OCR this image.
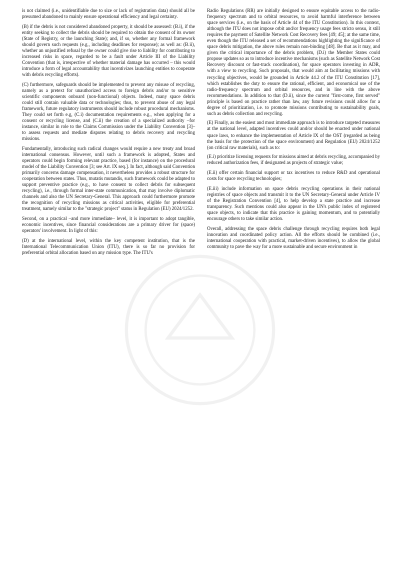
is not claimed (i.e., unidentifiable due to size or lack of registration data) should all be presumed abandoned to mainly ensure operational efficiency and legal certainty.

(B) if the debris is not considered abandoned property, it should be assessed: (B.i), if the entity seeking to collect the debris should be required to obtain the consent of its owner (State of Registry, or the launching State); and, if so, whether any formal framework should govern such requests (e.g., including deadlines for response); as well as: (B.ii), whether an unjustified refusal by the owner could give rise to liability for contributing to increased risks in space, regarded to be a fault under Article III of the Liability Convention (that is, irrespective of whether material damage has occurred – this would introduce a form of legal accountability that incentivizes launching entities to cooperate with debris recycling efforts).

(C) furthermore, safeguards should be implemented to prevent any misuse of recycling, namely as a pretext for unauthorized access to foreign debris and/or to sensitive scientific components onboard (non-functional) objects. Indeed, many space debris could still contain valuable data or technologies; thus, to prevent abuse of any legal framework, future regulatory instruments should include robust procedural mechanisms. They could set forth e.g, (C.i) documentation requirements e.g., when applying for a consent or recycling license, and (C.ii) the creation of a specialized authority –for instance, similar in role to the Claims Commission under the Liability Convention [3]– to assess requests and mediate disputes relating to debris recovery and recycling missions.

Fundamentally, introducing such radical changes would require a new treaty and broad international consensus. However, until such a framework is adopted, States and operators could begin forming relevant practice, based (for instance) on the procedural model of the Liability Convention [3; see Art. IX seq.]. In fact, although said Convention primarily concerns damage compensation, it nevertheless provides a robust structure for cooperation between states. Thus, mutatis mutandis, such framework could be adapted to support preventive practice (e.g., to have consent to collect debris for subsequent recycling), i.e., through formal inter-state communication, that may involve diplomatic channels and also the UN Secretary-General. This approach could furthermore promote the recognition of recycling missions as critical activities, eligible for preferential treatment, namely similar to the "strategic project" status in Regulation (EU) 2024/1252.

Second, on a practical –and more immediate– level, it is important to adopt tangible, economic incentives, since financial considerations are a primary driver for (space) operators' involvement. In light of this:

(D) at the international level, within the key competent institution, that is the International Telecommunication Union (ITU), there is so far no provision for preferential orbital allocation based on any mission type. The ITU's

Radio Regulations (RR) are initially designed to ensure equitable access to the radio-frequency spectrum and to orbital resources, to avoid harmful interference between space services (i.e., on the basis of Article 44 of the ITU Constitution). In this context, although the ITU does not impose orbit and/or frequency usage fees stricto sensu, it still requires the payment of Satellite Network Cost Recovery fees [49; 45]; at the same time, even though the ITU released a set of recommendations highlighting the significance of space debris mitigation, the above rules remain non-binding [48]. Be that as it may, and given the critical importance of the debris problem, (D.i) the Member States could propose updates so as to introduce incentive mechanisms (such as Satellite Network Cost Recovery discount or fast-track coordination), for space operators investing in ADR, with a view to recycling. Such proposals, that would aim at facilitating missions with recycling objectives, would be grounded in Article 44.2 of the ITU Constitution [17], which establishes the duty to ensure the rational, efficient, and economical use of the radio-frequency spectrum and orbital resources, and in line with the above recommendations. In addition to that (D.ii), since the current "first-come, first served" principle is based on practice rather than law, any future revisions could allow for a degree of prioritization, i.e. to promote missions contributing to sustainability goals, such as debris collection and recycling.

(E) Finally, as the easiest and most immediate approach is to introduce targeted measures at the national level, adapted incentives could and/or should be enacted under national space laws, to enhance the implementation of Article IX of the OST (regarded as being the basis for the protection of the space environment) and Regulation (EU) 2024/1252 (on critical raw materials), such as to:

(E.i) prioritize licensing requests for missions aimed at debris recycling, accompanied by reduced authorization fees, if designated as projects of strategic value;

(E.ii) offer certain financial support or tax incentives to reduce R&D and operational costs for space recycling technologies;

(E.iii) include information on space debris recycling operations in their national registries of space objects and transmit it to the UN Secretary-General under Article IV of the Registration Convention [4], to help develop a state practice and increase transparency. Such mentions could also appear in the UN's public index of registered space objects, to indicate that this practice is gaining momentum, and to potentially encourage others to take similar action.

Overall, addressing the space debris challenge through recycling requires both legal innovation and coordinated policy action. All the efforts should be combined (i.e., international cooperation with practical, market-driven incentives), to allow the global community to pave the way for a more sustainable and secure environment in
